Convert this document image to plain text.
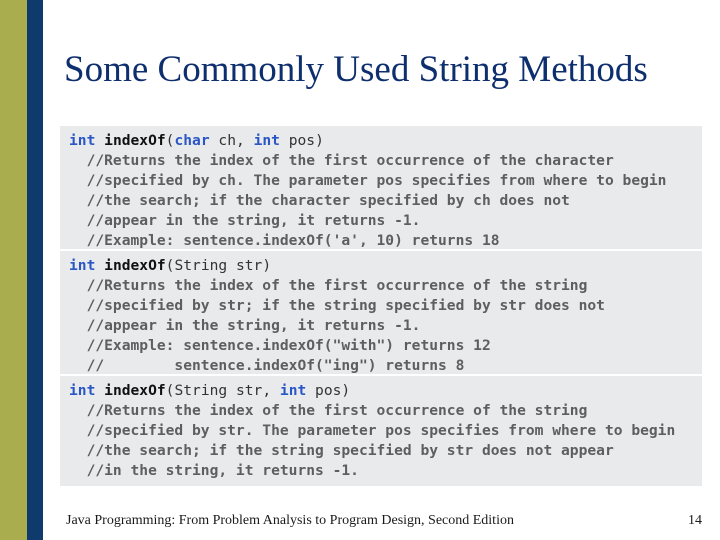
Some Commonly Used String Methods
int indexOf(char ch, int pos)
//Returns the index of the first occurrence of the character
//specified by ch. The parameter pos specifies from where to begin
//the search; if the character specified by ch does not
//appear in the string, it returns -1.
//Example: sentence.indexOf('a', 10) returns 18
int indexOf(String str)
//Returns the index of the first occurrence of the string
//specified by str; if the string specified by str does not
//appear in the string, it returns -1.
//Example: sentence.indexOf("with") returns 12
//        sentence.indexOf("ing") returns 8
int indexOf(String str, int pos)
//Returns the index of the first occurrence of the string
//specified by str. The parameter pos specifies from where to begin
//the search; if the string specified by str does not appear
//in the string, it returns -1.
Java Programming: From Problem Analysis to Program Design, Second Edition	14
